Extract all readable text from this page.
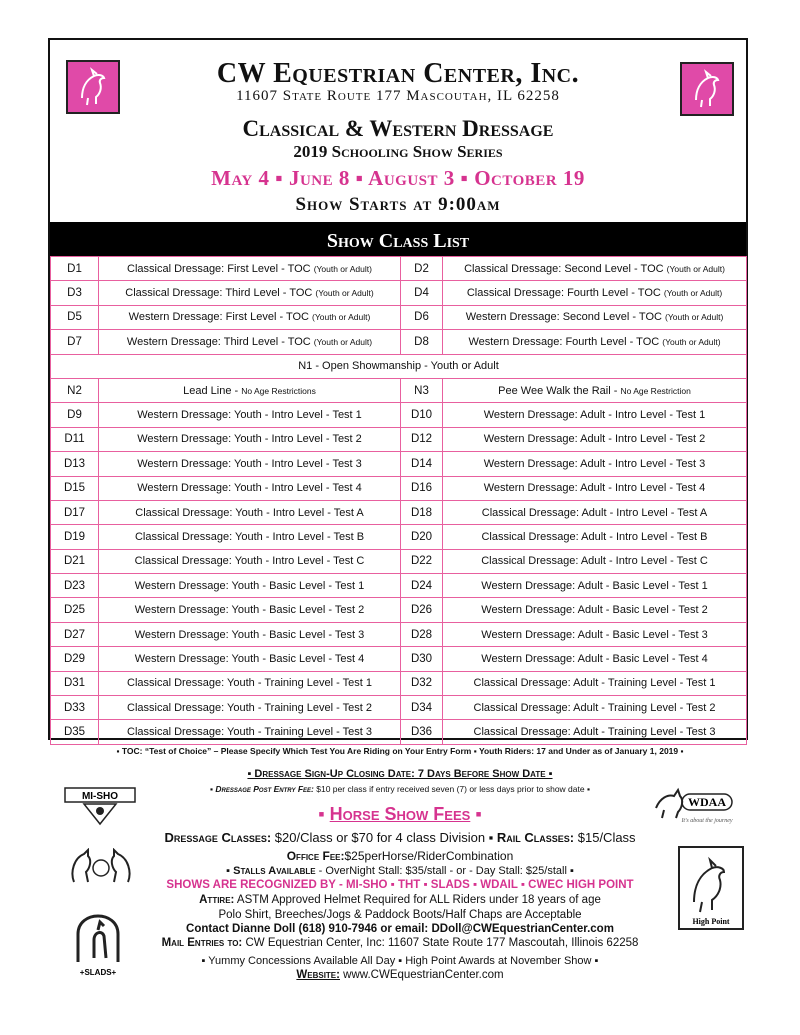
CW Equestrian Center, Inc.
11607 State Route 177 Mascoutah, IL 62258
Classical & Western Dressage
2019 Schooling Show Series
May 4 ▪ June 8 ▪ August 3 ▪ October 19
Show Starts at 9:00am
Show Class List
D1	Classical Dressage: First Level - TOC (Youth or Adult)	D2	Classical Dressage: Second Level - TOC (Youth or Adult)
D3	Classical Dressage: Third Level - TOC (Youth or Adult)	D4	Classical Dressage: Fourth Level - TOC (Youth or Adult)
D5	Western Dressage: First Level - TOC (Youth or Adult)	D6	Western Dressage: Second Level - TOC (Youth or Adult)
D7	Western Dressage: Third Level - TOC (Youth or Adult)	D8	Western Dressage: Fourth Level - TOC (Youth or Adult)
N1 - Open Showmanship - Youth or Adult			
N2	Lead Line - No Age Restrictions	N3	Pee Wee Walk the Rail - No Age Restriction
D9	Western Dressage: Youth - Intro Level - Test 1	D10	Western Dressage: Adult - Intro Level - Test 1
D11	Western Dressage: Youth - Intro Level - Test 2	D12	Western Dressage: Adult - Intro Level - Test 2
D13	Western Dressage: Youth - Intro Level - Test 3	D14	Western Dressage: Adult - Intro Level - Test 3
D15	Western Dressage: Youth - Intro Level - Test 4	D16	Western Dressage: Adult - Intro Level - Test 4
D17	Classical Dressage: Youth - Intro Level - Test A	D18	Classical Dressage: Adult - Intro Level - Test A
D19	Classical Dressage: Youth - Intro Level - Test B	D20	Classical Dressage: Adult - Intro Level - Test B
D21	Classical Dressage: Youth - Intro Level - Test C	D22	Classical Dressage: Adult - Intro Level - Test C
D23	Western Dressage: Youth - Basic Level - Test 1	D24	Western Dressage: Adult - Basic Level - Test 1
D25	Western Dressage: Youth - Basic Level - Test 2	D26	Western Dressage: Adult - Basic Level - Test 2
D27	Western Dressage: Youth - Basic Level - Test 3	D28	Western Dressage: Adult - Basic Level - Test 3
D29	Western Dressage: Youth - Basic Level - Test 4	D30	Western Dressage: Adult - Basic Level - Test 4
D31	Classical Dressage: Youth - Training Level - Test 1	D32	Classical Dressage: Adult - Training Level - Test 1
D33	Classical Dressage: Youth - Training Level - Test 2	D34	Classical Dressage: Adult - Training Level - Test 2
D35	Classical Dressage: Youth - Training Level - Test 3	D36	Classical Dressage: Adult - Training Level - Test 3
▪ TOC: “Test of Choice” – Please Specify Which Test You Are Riding on Your Entry Form ▪ Youth Riders: 17 and Under as of January 1, 2019 ▪
▪ Dressage Sign-Up Closing Date: 7 Days Before Show Date ▪
▪ Dressage Post Entry Fee: $10 per class if entry received seven (7) or less days prior to show date ▪
▪ Horse Show Fees ▪
Dressage Classes: $20/Class or $70 for 4 class Division ▪ Rail Classes: $15/Class
Office Fee:$25perHorse/RiderCombination
▪ Stalls Available - OverNight Stall: $35/stall - or - Day Stall: $25/stall ▪
SHOWS ARE RECOGNIZED BY - MI-SHO ▪ THT ▪ SLADS ▪ WDAIL ▪ CWEC HIGH POINT
Attire: ASTM Approved Helmet Required for ALL Riders under 18 years of age
Polo Shirt, Breeches/Jogs & Paddock Boots/Half Chaps are Acceptable
Contact Dianne Doll (618) 910-7946 or email: DDoll@CWEquestrianCenter.com
Mail Entries to: CW Equestrian Center, Inc: 11607 State Route 177 Mascoutah, Illinois 62258
▪ Yummy Concessions Available All Day ▪ High Point Awards at November Show ▪
Website: www.CWEquestrianCenter.com
MI-SHO	WDAA
It's about the journey
+SLADS+
High Point
